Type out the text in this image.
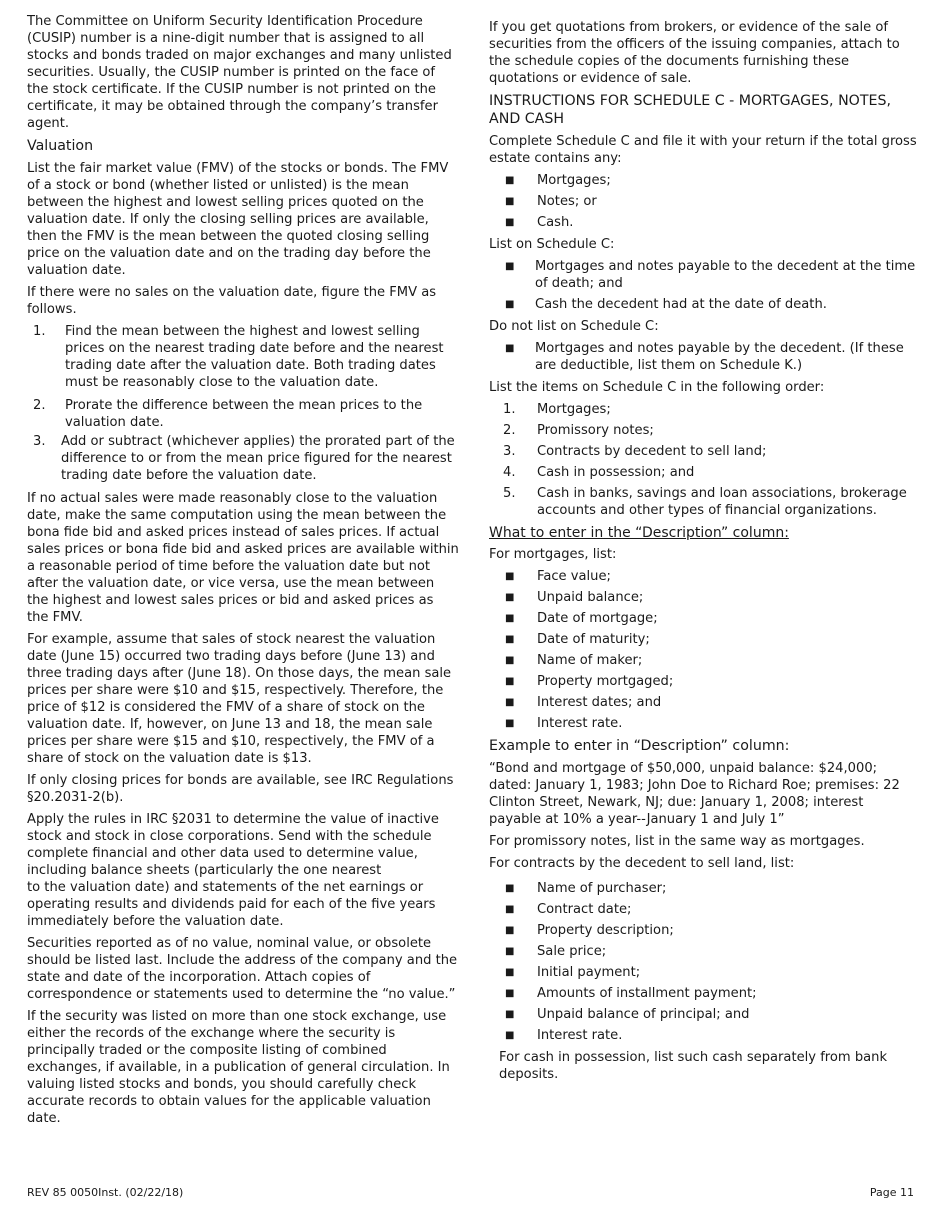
The Committee on Uniform Security Identification Procedure (CUSIP) number is a nine-digit number that is assigned to all stocks and bonds traded on major exchanges and many unlisted securities. Usually, the CUSIP number is printed on the face of the stock certificate. If the CUSIP number is not printed on the certificate, it may be obtained through the company’s transfer agent.

Valuation

List the fair market value (FMV) of the stocks or bonds. The FMV of a stock or bond (whether listed or unlisted) is the mean between the highest and lowest selling prices quoted on the valuation date. If only the closing selling prices are available, then the FMV is the mean between the quoted closing selling price on the valuation date and on the trading day before the valuation date.

If there were no sales on the valuation date, figure the FMV as follows.

1. Find the mean between the highest and lowest selling prices on the nearest trading date before and the nearest trading date after the valuation date. Both trading dates must be reasonably close to the valuation date.
2. Prorate the difference between the mean prices to the valuation date.
3. Add or subtract (whichever applies) the prorated part of the difference to or from the mean price figured for the nearest trading date before the valuation date.

If no actual sales were made reasonably close to the valuation date, make the same computation using the mean between the bona fide bid and asked prices instead of sales prices. If actual sales prices or bona fide bid and asked prices are available within a reasonable period of time before the valuation date but not after the valuation date, or vice versa, use the mean between the highest and lowest sales prices or bid and asked prices as the FMV.

For example, assume that sales of stock nearest the valuation date (June 15) occurred two trading days before (June 13) and three trading days after (June 18). On those days, the mean sale prices per share were $10 and $15, respectively. Therefore, the price of $12 is considered the FMV of a share of stock on the valuation date. If, however, on June 13 and 18, the mean sale prices per share were $15 and $10, respectively, the FMV of a share of stock on the valuation date is $13.

If only closing prices for bonds are available, see IRC Regulations §20.2031-2(b).

Apply the rules in IRC §2031 to determine the value of inactive stock and stock in close corporations. Send with the schedule complete financial and other data used to determine value, including balance sheets (particularly the one nearest
to the valuation date) and statements of the net earnings or operating results and dividends paid for each of the five years immediately before the valuation date.

Securities reported as of no value, nominal value, or obsolete should be listed last. Include the address of the company and the state and date of the incorporation. Attach copies of correspondence or statements used to determine the “no value.”

If the security was listed on more than one stock exchange, use either the records of the exchange where the security is principally traded or the composite listing of combined exchanges, if available, in a publication of general circulation. In valuing listed stocks and bonds, you should carefully check accurate records to obtain values for the applicable valuation date.

If you get quotations from brokers, or evidence of the sale of securities from the officers of the issuing companies, attach to the schedule copies of the documents furnishing these quotations or evidence of sale.

INSTRUCTIONS FOR SCHEDULE C - MORTGAGES, NOTES, AND CASH

Complete Schedule C and file it with your return if the total gross estate contains any:

■ Mortgages;
■ Notes; or
■ Cash.

List on Schedule C:

■ Mortgages and notes payable to the decedent at the time of death; and
■ Cash the decedent had at the date of death.

Do not list on Schedule C:

■ Mortgages and notes payable by the decedent. (If these are deductible, list them on Schedule K.)

List the items on Schedule C in the following order:

1. Mortgages;
2. Promissory notes;
3. Contracts by decedent to sell land;
4. Cash in possession; and
5. Cash in banks, savings and loan associations, brokerage accounts and other types of financial organizations.
What to enter in the “Description” column:

For mortgages, list:

■ Face value;
■ Unpaid balance;
■ Date of mortgage;
■ Date of maturity;
■ Name of maker;
■ Property mortgaged;
■ Interest dates; and
■ Interest rate.
Example to enter in “Description” column:

“Bond and mortgage of $50,000, unpaid balance: $24,000; dated: January 1, 1983; John Doe to Richard Roe; premises: 22 Clinton Street, Newark, NJ; due: January 1, 2008; interest payable at 10% a year--January 1 and July 1”

For promissory notes, list in the same way as mortgages.

For contracts by the decedent to sell land, list:

■ Name of purchaser;
■ Contract date;
■ Property description;
■ Sale price;
■ Initial payment;
■ Amounts of installment payment;
■ Unpaid balance of principal; and
■ Interest rate.

For cash in possession, list such cash separately from bank deposits.

REV 85 0050Inst. (02/22/18)	Page 11
